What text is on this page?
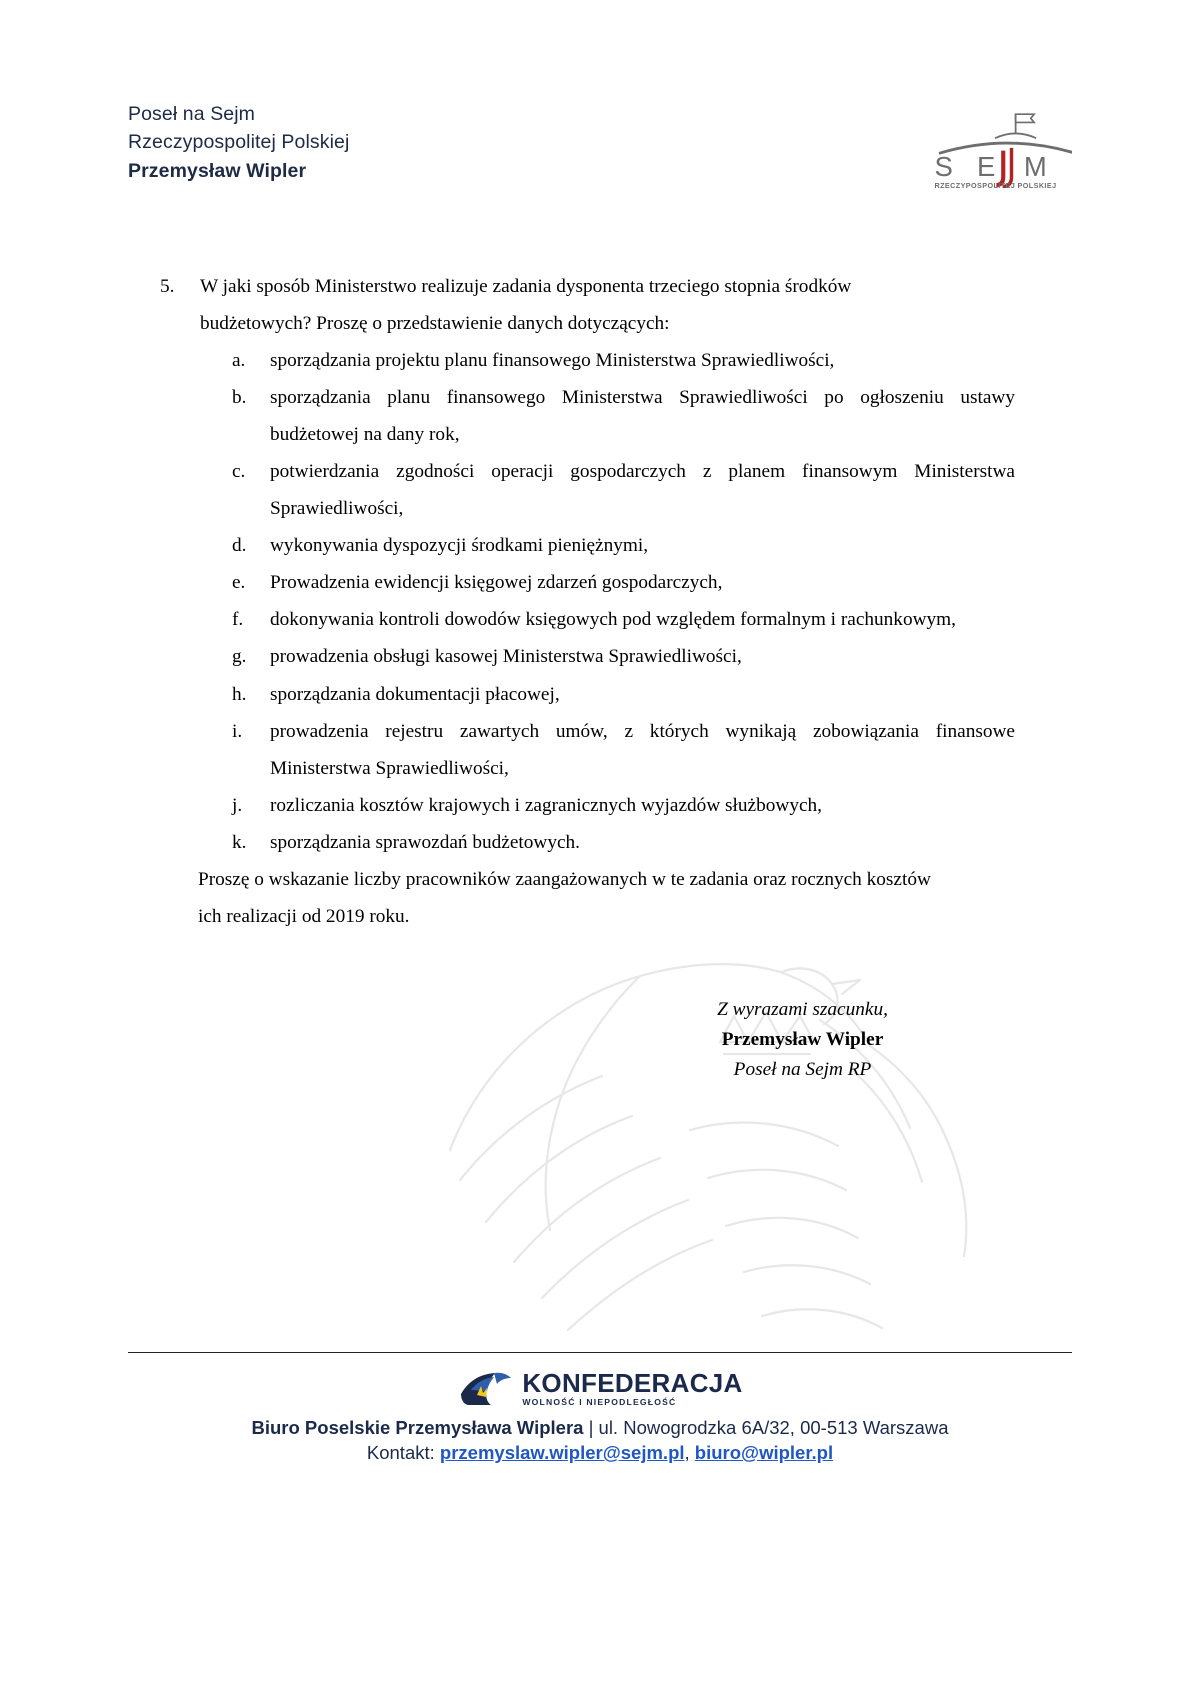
Poseł na Sejm
Rzeczypospolitej Polskiej
Przemysław Wipler	S E M
RZECZYPOSPOLITEJ POLSKIEJ
5.	W jaki sposób Ministerstwo realizuje zadania dysponenta trzeciego stopnia środków
budżetowych? Proszę o przedstawienie danych dotyczących:
a.	sporządzania projektu planu finansowego Ministerstwa Sprawiedliwości,
b.	sporządzania planu finansowego Ministerstwa Sprawiedliwości po ogłoszeniu ustawy budżetowej na dany rok,
c.	potwierdzania zgodności operacji gospodarczych z planem finansowym Ministerstwa Sprawiedliwości,
d.	wykonywania dyspozycji środkami pieniężnymi,
e.	Prowadzenia ewidencji księgowej zdarzeń gospodarczych,
f.	dokonywania kontroli dowodów księgowych pod względem formalnym i rachunkowym,
g.	prowadzenia obsługi kasowej Ministerstwa Sprawiedliwości,
h.	sporządzania dokumentacji płacowej,
i.	prowadzenia rejestru zawartych umów, z których wynikają zobowiązania finansowe Ministerstwa Sprawiedliwości,
j.	rozliczania kosztów krajowych i zagranicznych wyjazdów służbowych,
k.	sporządzania sprawozdań budżetowych.
Proszę o wskazanie liczby pracowników zaangażowanych w te zadania oraz rocznych kosztów
ich realizacji od 2019 roku.
Z wyrazami szacunku,
Przemysław Wipler
Poseł na Sejm RP
KONFEDERACJA
WOLNOŚĆ I NIEPODLEGŁOŚĆ
Biuro Poselskie Przemysława Wiplera | ul. Nowogrodzka 6A/32, 00-513 Warszawa
Kontakt: przemyslaw.wipler@sejm.pl, biuro@wipler.pl
